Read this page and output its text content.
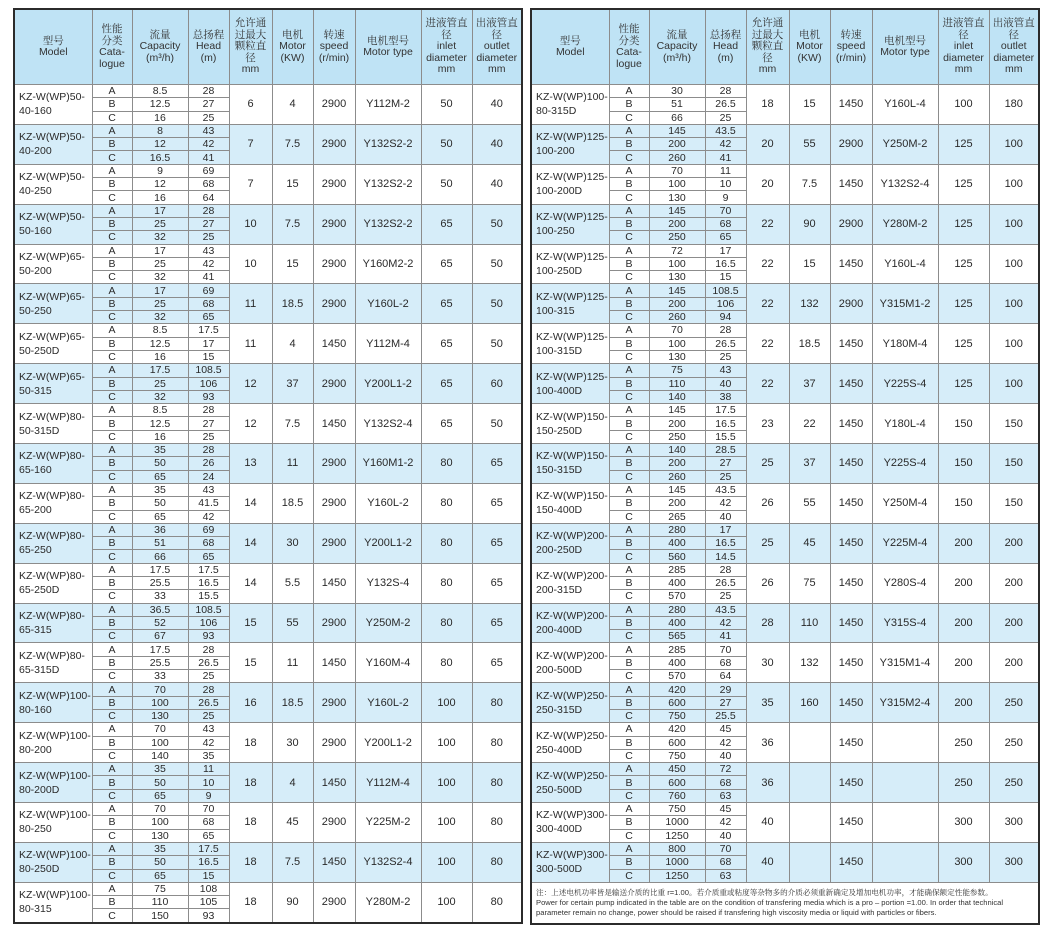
型号
Model	性能
分类
Cata-
logue	流量
Capacity
(m³/h)	总扬程
Head
(m)	允许通
过最大
颗粒直
径
mm	电机
Motor
(KW)	转速
speed
(r/min)	电机型号
Motor type	进液管直
径
inlet
diameter
mm	出液管直
径
outlet
diameter
mm

KZ-W(WP)50-40-160	A	8.5	28	6	4	2900	Y112M-2	50	40
	B	12.5	27						
	C	16	25						
KZ-W(WP)50-40-200	A	8	43	7	7.5	2900	Y132S2-2	50	40
	B	12	42						
	C	16.5	41						
KZ-W(WP)50-40-250	A	9	69	7	15	2900	Y132S2-2	50	40
	B	12	68						
	C	16	64						
KZ-W(WP)50-50-160	A	17	28	10	7.5	2900	Y132S2-2	65	50
	B	25	27						
	C	32	25						
KZ-W(WP)65-50-200	A	17	43	10	15	2900	Y160M2-2	65	50
	B	25	42						
	C	32	41						
KZ-W(WP)65-50-250	A	17	69	11	18.5	2900	Y160L-2	65	50
	B	25	68						
	C	32	65						
KZ-W(WP)65-50-250D	A	8.5	17.5	11	4	1450	Y112M-4	65	50
	B	12.5	17						
	C	16	15						
KZ-W(WP)65-50-315	A	17.5	108.5	12	37	2900	Y200L1-2	65	60
	B	25	106						
	C	32	93						
KZ-W(WP)80-50-315D	A	8.5	28	12	7.5	1450	Y132S2-4	65	50
	B	12.5	27						
	C	16	25						
KZ-W(WP)80-65-160	A	35	28	13	11	2900	Y160M1-2	80	65
	B	50	26						
	C	65	24						
KZ-W(WP)80-65-200	A	35	43	14	18.5	2900	Y160L-2	80	65
	B	50	41.5						
	C	65	42						
KZ-W(WP)80-65-250	A	36	69	14	30	2900	Y200L1-2	80	65
	B	51	68						
	C	66	65						
KZ-W(WP)80-65-250D	A	17.5	17.5	14	5.5	1450	Y132S-4	80	65
	B	25.5	16.5						
	C	33	15.5						
KZ-W(WP)80-65-315	A	36.5	108.5	15	55	2900	Y250M-2	80	65
	B	52	106						
	C	67	93						
KZ-W(WP)80-65-315D	A	17.5	28	15	11	1450	Y160M-4	80	65
	B	25.5	26.5						
	C	33	25						
KZ-W(WP)100-80-160	A	70	28	16	18.5	2900	Y160L-2	100	80
	B	100	26.5						
	C	130	25						
KZ-W(WP)100-80-200	A	70	43	18	30	2900	Y200L1-2	100	80
	B	100	42						
	C	140	35						
KZ-W(WP)100-80-200D	A	35	11	18	4	1450	Y112M-4	100	80
	B	50	10						
	C	65	9						
KZ-W(WP)100-80-250	A	70	70	18	45	2900	Y225M-2	100	80
	B	100	68						
	C	130	65						
KZ-W(WP)100-80-250D	A	35	17.5	18	7.5	1450	Y132S2-4	100	80
	B	50	16.5						
	C	65	15						
KZ-W(WP)100-80-315	A	75	108	18	90	2900	Y280M-2	100	80
	B	110	105						
	C	150	93						
型号
Model	性能
分类
Cata-
logue	流量
Capacity
(m³/h)	总扬程
Head
(m)	允许通
过最大
颗粒直
径
mm	电机
Motor
(KW)	转速
speed
(r/min)	电机型号
Motor type	进液管直
径
inlet
diameter
mm	出液管直
径
outlet
diameter
mm

KZ-W(WP)100-80-315D	A	30	28	18	15	1450	Y160L-4	100	180
	B	51	26.5						
	C	66	25						
KZ-W(WP)125-100-200	A	145	43.5	20	55	2900	Y250M-2	125	100
	B	200	42						
	C	260	41						
KZ-W(WP)125-100-200D	A	70	11	20	7.5	1450	Y132S2-4	125	100
	B	100	10						
	C	130	9						
KZ-W(WP)125-100-250	A	145	70	22	90	2900	Y280M-2	125	100
	B	200	68						
	C	250	65						
KZ-W(WP)125-100-250D	A	72	17	22	15	1450	Y160L-4	125	100
	B	100	16.5						
	C	130	15						
KZ-W(WP)125-100-315	A	145	108.5	22	132	2900	Y315M1-2	125	100
	B	200	106						
	C	260	94						
KZ-W(WP)125-100-315D	A	70	28	22	18.5	1450	Y180M-4	125	100
	B	100	26.5						
	C	130	25						
KZ-W(WP)125-100-400D	A	75	43	22	37	1450	Y225S-4	125	100
	B	110	40						
	C	140	38						
KZ-W(WP)150-150-250D	A	145	17.5	23	22	1450	Y180L-4	150	150
	B	200	16.5						
	C	250	15.5						
KZ-W(WP)150-150-315D	A	140	28.5	25	37	1450	Y225S-4	150	150
	B	200	27						
	C	260	25						
KZ-W(WP)150-150-400D	A	145	43.5	26	55	1450	Y250M-4	150	150
	B	200	42						
	C	265	40						
KZ-W(WP)200-200-250D	A	280	17	25	45	1450	Y225M-4	200	200
	B	400	16.5						
	C	560	14.5						
KZ-W(WP)200-200-315D	A	285	28	26	75	1450	Y280S-4	200	200
	B	400	26.5						
	C	570	25						
KZ-W(WP)200-200-400D	A	280	43.5	28	110	1450	Y315S-4	200	200
	B	400	42						
	C	565	41						
KZ-W(WP)200-200-500D	A	285	70	30	132	1450	Y315M1-4	200	200
	B	400	68						
	C	570	64						
KZ-W(WP)250-250-315D	A	420	29	35	160	1450	Y315M2-4	200	250
	B	600	27						
	C	750	25.5						
KZ-W(WP)250-250-400D	A	420	45	36		1450		250	250
	B	600	42						
	C	750	40						
KZ-W(WP)250-250-500D	A	450	72	36		1450		250	250
	B	600	68						
	C	760	63						
KZ-W(WP)300-300-400D	A	750	45	40		1450		300	300
	B	1000	42						
	C	1250	40						
KZ-W(WP)300-300-500D	A	800	70	40		1450		300	300
	B	1000	68						
	C	1250	63						

注：上述电机功率皆是输送介质的比重 r=1.00。若介质重或粘度等杂物多的介质必须重新确定及增加电机功率，才能确保额定性能参数。
Power for certain pump indicated in the table are on the condition of transfering media which is a pro – portion =1.00. In order that technical parameter remain no change, power should be raised if transfering high viscosity media or liquid with particles or fibers.									
